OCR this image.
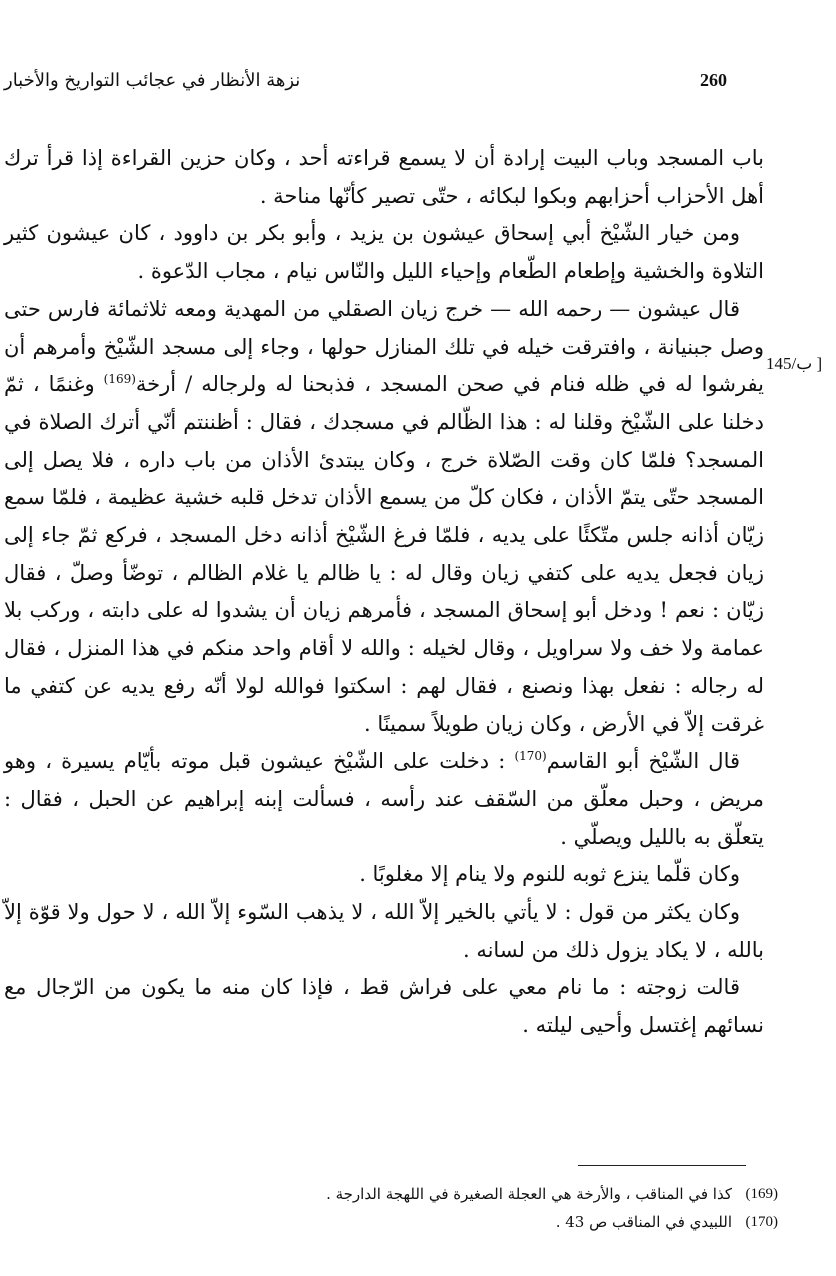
نزهة الأنظار في عجائب التواريخ والأخبار	260
145/ب ]

باب المسجد وباب البيت إرادة أن لا يسمع قراءته أحد ، وكان حزين القراءة إذا قرأ ترك أهل الأحزاب أحزابهم وبكوا لبكائه ، حتّى تصير كأنّها مناحة .

ومن خيار الشّيْخ أبي إسحاق عيشون بن يزيد ، وأبو بكر بن داوود ، كان عيشون كثير التلاوة والخشية وإطعام الطّعام وإحياء الليل والنّاس نيام ، مجاب الدّعوة .

قال عيشون — رحمه الله — خرج زيان الصقلي من المهدية ومعه ثلاثمائة فارس حتى وصل جبنيانة ، وافترقت خيله في تلك المنازل حولها ، وجاء إلى مسجد الشّيْخ وأمرهم أن يفرشوا له في ظله فنام في صحن المسجد ، فذبحنا له ولرجاله / أرخة$^{(169)}$ وغنمًا ، ثمّ دخلنا على الشّيْخ وقلنا له : هذا الظّالم في مسجدك ، فقال : أظننتم أنّي أترك الصلاة في المسجد؟ فلمّا كان وقت الصّلاة خرج ، وكان يبتدئ الأذان من باب داره ، فلا يصل إلى المسجد حتّى يتمّ الأذان ، فكان كلّ من يسمع الأذان تدخل قلبه خشية عظيمة ، فلمّا سمع زيّان أذانه جلس متّكئًا على يديه ، فلمّا فرغ الشّيْخ أذانه دخل المسجد ، فركع ثمّ جاء إلى زيان فجعل يديه على كتفي زيان وقال له : يا ظالم يا غلام الظالم ، توضّأ وصلّ ، فقال زيّان : نعم ! ودخل أبو إسحاق المسجد ، فأمرهم زيان أن يشدوا له على دابته ، وركب بلا عمامة ولا خف ولا سراويل ، وقال لخيله : والله لا أقام واحد منكم في هذا المنزل ، فقال له رجاله : نفعل بهذا ونصنع ، فقال لهم : اسكتوا فوالله لولا أنّه رفع يديه عن كتفي ما غرقت إلاّ في الأرض ، وكان زيان طويلاً سمينًا .

قال الشّيْخ أبو القاسم$^{(170)}$ : دخلت على الشّيْخ عيشون قبل موته بأيّام يسيرة ، وهو مريض ، وحبل معلّق من السّقف عند رأسه ، فسألت إبنه إبراهيم عن الحبل ، فقال : يتعلّق به بالليل ويصلّي .

وكان قلّما ينزع ثوبه للنوم ولا ينام إلا مغلوبًا .

وكان يكثر من قول : لا يأتي بالخير إلاّ الله ، لا يذهب السّوء إلاّ الله ، لا حول ولا قوّة إلاّ بالله ، لا يكاد يزول ذلك من لسانه .

قالت زوجته : ما نام معي على فراش قط ، فإذا كان منه ما يكون من الرّجال مع نسائهم إغتسل وأحيى ليلته .

(169)
كذا في المناقب ، والأرخة هي العجلة الصغيرة في اللهجة الدارجة .
(170)
اللبيدي في المناقب ص 43 .
